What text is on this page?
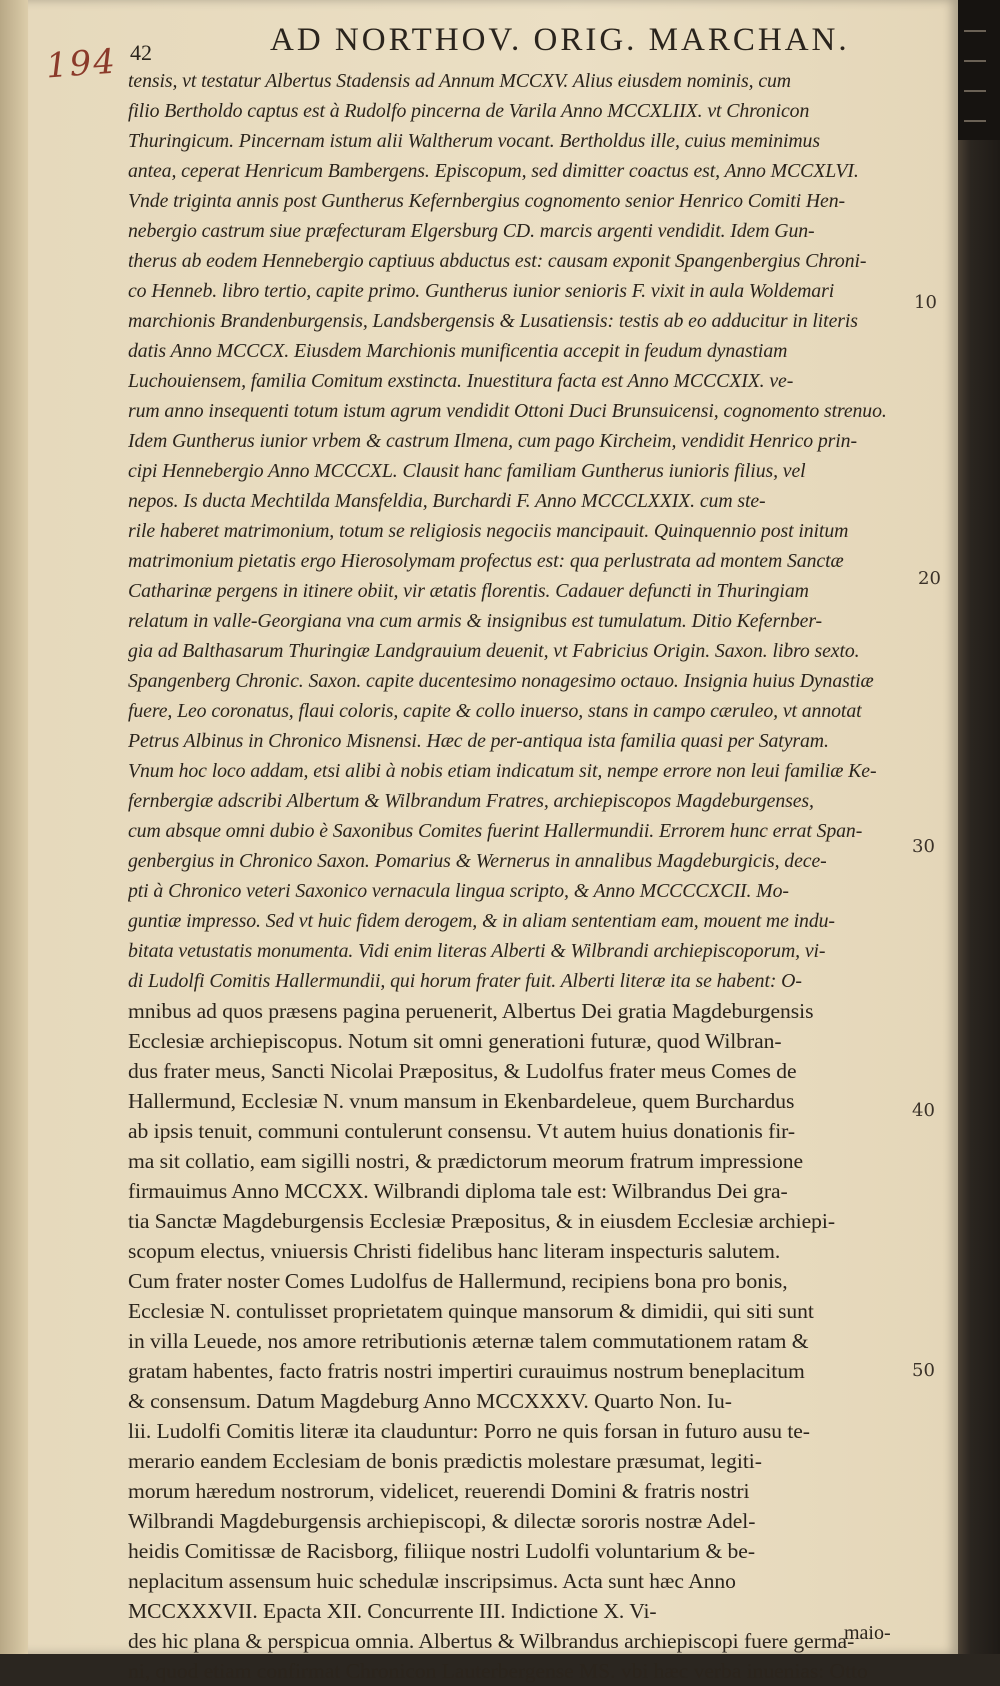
194 42	AD NORTHOV. ORIG. MARCHAN.
tensis, vt testatur Albertus Stadensis ad Annum MCCXV. Alius eiusdem nominis, cum
filio Bertholdo captus est à Rudolfo pincerna de Varila Anno MCCXLIIX. vt Chronicon
Thuringicum. Pincernam istum alii Waltherum vocant. Bertholdus ille, cuius meminimus
antea, ceperat Henricum Bambergens. Episcopum, sed dimitter coactus est, Anno MCCXLVI.
Vnde triginta annis post Guntherus Kefernbergius cognomento senior Henrico Comiti Hen-
nebergio castrum siue præfecturam Elgersburg CD. marcis argenti vendidit. Idem Gun-
therus ab eodem Hennebergio captiuus abductus est: causam exponit Spangenbergius Chroni-
co Henneb. libro tertio, capite primo. Guntherus iunior senioris F. vixit in aula Woldemari
marchionis Brandenburgensis, Landsbergensis & Lusatiensis: testis ab eo adducitur in literis
datis Anno MCCCX. Eiusdem Marchionis munificentia accepit in feudum dynastiam
Luchouiensem, familia Comitum exstincta. Inuestitura facta est Anno MCCCXIX. ve-
rum anno insequenti totum istum agrum vendidit Ottoni Duci Brunsuicensi, cognomento strenuo.
Idem Guntherus iunior vrbem & castrum Ilmena, cum pago Kircheim, vendidit Henrico prin-
cipi Hennebergio Anno MCCCXL. Clausit hanc familiam Guntherus iunioris filius, vel
nepos. Is ducta Mechtilda Mansfeldia, Burchardi F. Anno MCCCLXXIX. cum ste-
rile haberet matrimonium, totum se religiosis negociis mancipauit. Quinquennio post initum
matrimonium pietatis ergo Hierosolymam profectus est: qua perlustrata ad montem Sanctæ
Catharinæ pergens in itinere obiit, vir ætatis florentis. Cadauer defuncti in Thuringiam
relatum in valle-Georgiana vna cum armis & insignibus est tumulatum. Ditio Kefernber-
gia ad Balthasarum Thuringiæ Landgrauium deuenit, vt Fabricius Origin. Saxon. libro sexto.
Spangenberg Chronic. Saxon. capite ducentesimo nonagesimo octauo. Insignia huius Dynastiæ
fuere, Leo coronatus, flaui coloris, capite & collo inuerso, stans in campo cæruleo, vt annotat
Petrus Albinus in Chronico Misnensi. Hæc de per-antiqua ista familia quasi per Satyram.
Vnum hoc loco addam, etsi alibi à nobis etiam indicatum sit, nempe errore non leui familiæ Ke-
fernbergiæ adscribi Albertum & Wilbrandum Fratres, archiepiscopos Magdeburgenses,
cum absque omni dubio è Saxonibus Comites fuerint Hallermundii. Errorem hunc errat Span-
genbergius in Chronico Saxon. Pomarius & Wernerus in annalibus Magdeburgicis, dece-
pti à Chronico veteri Saxonico vernacula lingua scripto, & Anno MCCCCXCII. Mo-
guntiæ impresso. Sed vt huic fidem derogem, & in aliam sententiam eam, mouent me indu-
bitata vetustatis monumenta. Vidi enim literas Alberti & Wilbrandi archiepiscoporum, vi-
di Ludolfi Comitis Hallermundii, qui horum frater fuit. Alberti literæ ita se habent: O-
mnibus ad quos præsens pagina peruenerit, Albertus Dei gratia Magdeburgensis
Ecclesiæ archiepiscopus. Notum sit omni generationi futuræ, quod Wilbran-
dus frater meus, Sancti Nicolai Præpositus, & Ludolfus frater meus Comes de
Hallermund, Ecclesiæ N. vnum mansum in Ekenbardeleue, quem Burchardus
ab ipsis tenuit, communi contulerunt consensu. Vt autem huius donationis fir-
ma sit collatio, eam sigilli nostri, & prædictorum meorum fratrum impressione
firmauimus Anno MCCXX. Wilbrandi diploma tale est: Wilbrandus Dei gra-
tia Sanctæ Magdeburgensis Ecclesiæ Præpositus, & in eiusdem Ecclesiæ archiepi-
scopum electus, vniuersis Christi fidelibus hanc literam inspecturis salutem.
Cum frater noster Comes Ludolfus de Hallermund, recipiens bona pro bonis,
Ecclesiæ N. contulisset proprietatem quinque mansorum & dimidii, qui siti sunt
in villa Leuede, nos amore retributionis æternæ talem commutationem ratam &
gratam habentes, facto fratris nostri impertiri curauimus nostrum beneplacitum
& consensum. Datum Magdeburg Anno MCCXXXV. Quarto Non. Iu-
lii. Ludolfi Comitis literæ ita clauduntur: Porro ne quis forsan in futuro ausu te-
merario eandem Ecclesiam de bonis prædictis molestare præsumat, legiti-
morum hæredum nostrorum, videlicet, reuerendi Domini & fratris nostri
Wilbrandi Magdeburgensis archiepiscopi, & dilectæ sororis nostræ Adel-
heidis Comitissæ de Racisborg, filiique nostri Ludolfi voluntarium & be-
neplacitum assensum huic schedulæ inscripsimus. Acta sunt hæc Anno
MCCXXXVII. Epacta XII. Concurrente III. Indictione X. Vi-
des hic plana & perspicua omnia. Albertus & Wilbrandus archiepiscopi fuere germa-
ni, quod etiam confirmat Chronicon Lauterbergense MS. vbi hæc verba inuenias: Otto
10
20
30
40
50
maio-
